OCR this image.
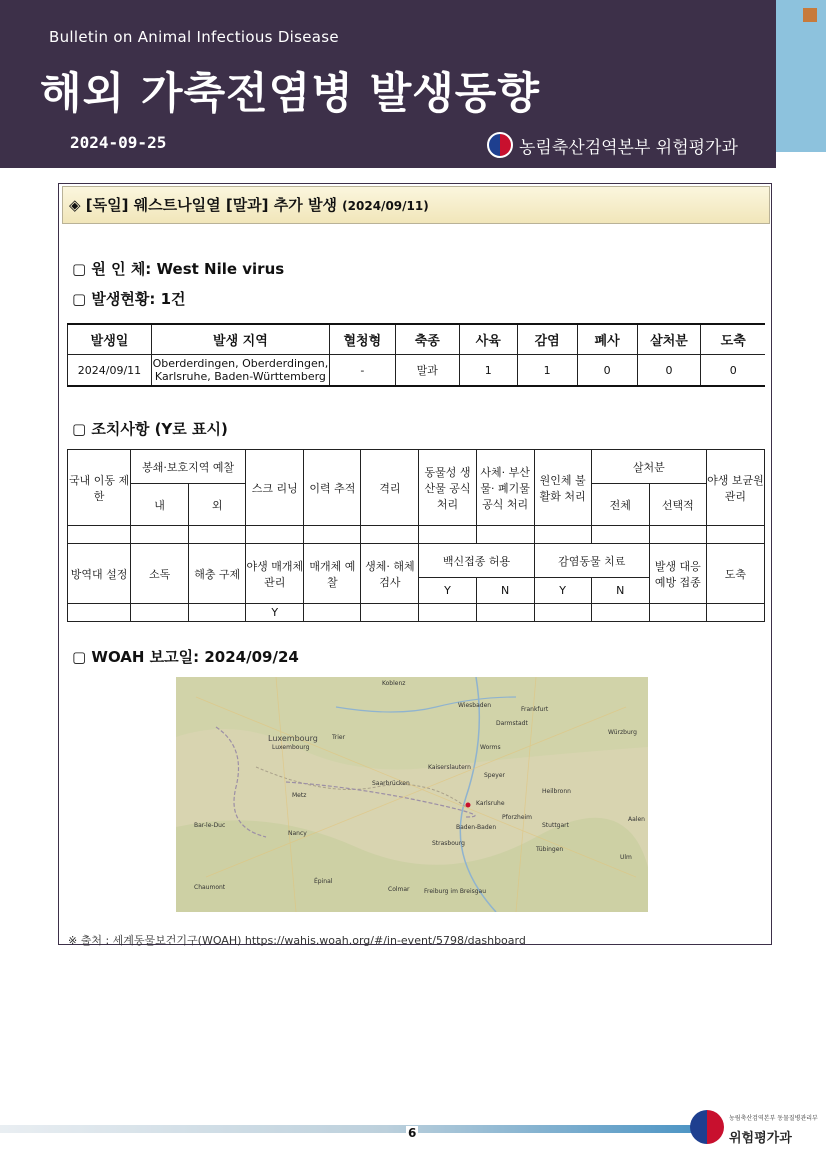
Bulletin on Animal Infectious Disease
해외 가축전염병 발생동향
2024-09-25	농림축산검역본부 위험평가과
◈ [독일] 웨스트나일열 [말과] 추가 발생 (2024/09/11)
▢ 원 인 체: West Nile virus
▢ 발생현황: 1건
발생일	발생 지역	혈청형	축종	사육	감염	폐사	살처분	도축
2024/09/11	Oberderdingen, Oberderdingen, Karlsruhe, Baden-Württemberg	-	말과	1	1	0	0	0
▢ 조치사항 (Y로 표시)
국내 이동 제한	봉쇄·보호지역 예찰		스크 리닝	이력 추적	격리	동물성 생산물 공식 처리	사체· 부산물· 폐기물 공식 처리	원인체 불활화 처리	살처분		야생 보균원 관리
	내	외							전체	선택적	

방역대 설정	소독	해충 구제	야생 매개체 관리	매개체 예찰	생체· 해체 검사	백신접종 허용		감염동물 치료		발생 대응 예방 접종	도축
						Y	N	Y	N		
			Y								
▢ WOAH 보고일: 2024/09/24
Koblenz
Wiesbaden
Frankfurt
Darmstadt
Würzburg
Luxembourg
Luxembourg
Trier
Worms
Kaiserslautern
Speyer
Saarbrücken
Heilbronn
Metz
Karlsruhe
Pforzheim	Aalen
Bar-le-Duc
Nancy
Baden-Baden	Stuttgart
Strasbourg
Tübingen
Ulm
Épinal
Chaumont	Colmar Freiburg im Breisgau
※ 출처 : 세계동물보건기구(WOAH) https://wahis.woah.org/#/in-event/5798/dashboard
6
농림축산검역본부 동물질병관리부
위험평가과
